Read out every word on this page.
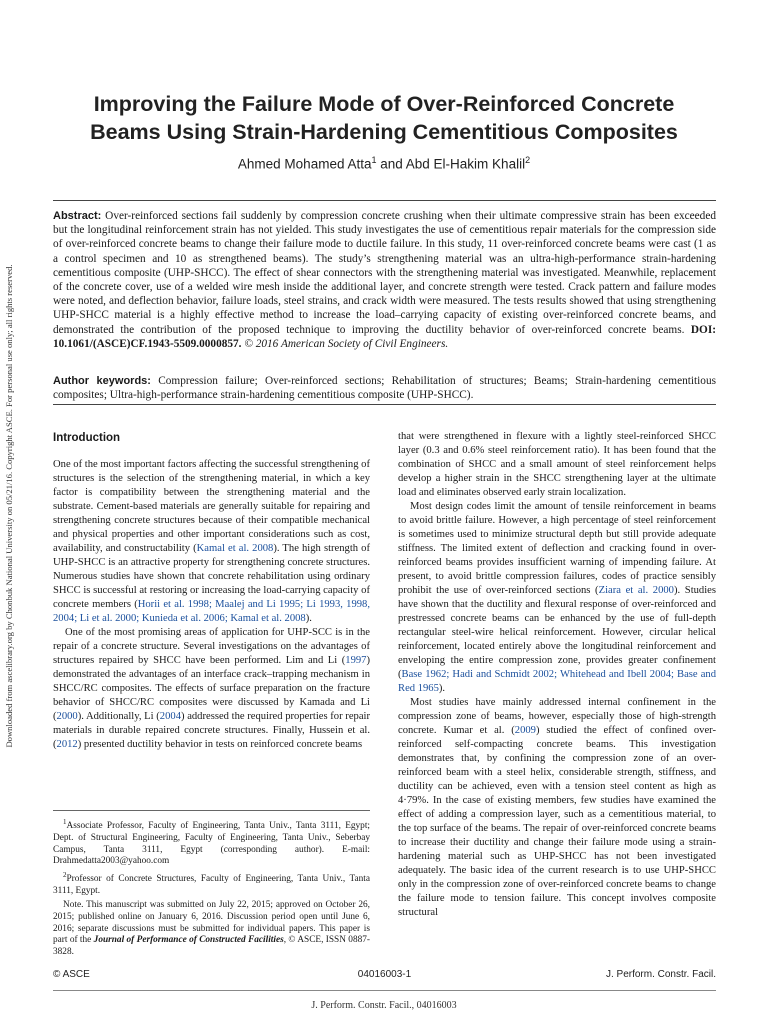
Downloaded from ascelibrary.org by Chonbuk National University on 05/21/16. Copyright ASCE. For personal use only; all rights reserved.
Improving the Failure Mode of Over-Reinforced Concrete
Beams Using Strain-Hardening Cementitious Composites
Ahmed Mohamed Atta$^1$ and Abd El-Hakim Khalil$^2$
Abstract: Over-reinforced sections fail suddenly by compression concrete crushing when their ultimate compressive strain has been exceeded but the longitudinal reinforcement strain has not yielded. This study investigates the use of cementitious repair materials for the compression side of over-reinforced concrete beams to change their failure mode to ductile failure. In this study, 11 over-reinforced concrete beams were cast (1 as a control specimen and 10 as strengthened beams). The study’s strengthening material was an ultra-high-performance strain-hardening cementitious composite (UHP-SHCC). The effect of shear connectors with the strengthening material was investigated. Meanwhile, replacement of the concrete cover, use of a welded wire mesh inside the additional layer, and concrete strength were tested. Crack pattern and failure modes were noted, and deflection behavior, failure loads, steel strains, and crack width were measured. The tests results showed that using strengthening UHP-SHCC material is a highly effective method to increase the load–carrying capacity of existing over-reinforced concrete beams, and demonstrated the contribution of the proposed technique to improving the ductility behavior of over-reinforced concrete beams. DOI: 10.1061/(ASCE)CF.1943-5509.0000857. © 2016 American Society of Civil Engineers.
Author keywords: Compression failure; Over-reinforced sections; Rehabilitation of structures; Beams; Strain-hardening cementitious composites; Ultra-high-performance strain-hardening cementitious composite (UHP-SHCC).
Introduction

One of the most important factors affecting the successful strengthening of structures is the selection of the strengthening material, in which a key factor is compatibility between the strengthening material and the substrate. Cement-based materials are generally suitable for repairing and strengthening concrete structures because of their compatible mechanical and physical properties and other important considerations such as cost, availability, and constructability (Kamal et al. 2008). The high strength of UHP-SHCC is an attractive property for strengthening concrete structures. Numerous studies have shown that concrete rehabilitation using ordinary SHCC is successful at restoring or increasing the load-carrying capacity of concrete members (Horii et al. 1998; Maalej and Li 1995; Li 1993, 1998, 2004; Li et al. 2000; Kunieda et al. 2006; Kamal et al. 2008).

One of the most promising areas of application for UHP-SCC is in the repair of a concrete structure. Several investigations on the advantages of structures repaired by SHCC have been performed. Lim and Li (1997) demonstrated the advantages of an interface crack–trapping mechanism in SHCC/RC composites. The effects of surface preparation on the fracture behavior of SHCC/RC composites were discussed by Kamada and Li (2000). Additionally, Li (2004) addressed the required properties for repair materials in durable repaired concrete structures. Finally, Hussein et al. (2012) presented ductility behavior in tests on reinforced concrete beams

$^1$Associate Professor, Faculty of Engineering, Tanta Univ., Tanta 3111, Egypt; Dept. of Structural Engineering, Faculty of Engineering, Tanta Univ., Seberbay Campus, Tanta 3111, Egypt (corresponding author). E-mail: Drahmedatta2003@yahoo.com

$^2$Professor of Concrete Structures, Faculty of Engineering, Tanta Univ., Tanta 3111, Egypt.

Note. This manuscript was submitted on July 22, 2015; approved on October 26, 2015; published online on January 6, 2016. Discussion period open until June 6, 2016; separate discussions must be submitted for individual papers. This paper is part of the Journal of Performance of Constructed Facilities, © ASCE, ISSN 0887-3828.

that were strengthened in flexure with a lightly steel-reinforced SHCC layer (0.3 and 0.6% steel reinforcement ratio). It has been found that the combination of SHCC and a small amount of steel reinforcement helps develop a higher strain in the SHCC strengthening layer at the ultimate load and eliminates observed early strain localization.

Most design codes limit the amount of tensile reinforcement in beams to avoid brittle failure. However, a high percentage of steel reinforcement is sometimes used to minimize structural depth but still provide adequate stiffness. The limited extent of deflection and cracking found in over-reinforced beams provides insufficient warning of impending failure. At present, to avoid brittle compression failures, codes of practice sensibly prohibit the use of over-reinforced sections (Ziara et al. 2000). Studies have shown that the ductility and flexural response of over-reinforced and prestressed concrete beams can be enhanced by the use of full-depth rectangular steel-wire helical reinforcement. However, circular helical reinforcement, located entirely above the longitudinal reinforcement and enveloping the entire compression zone, provides greater confinement (Base 1962; Hadi and Schmidt 2002; Whitehead and Ibell 2004; Base and Red 1965).

Most studies have mainly addressed internal confinement in the compression zone of beams, however, especially those of high-strength concrete. Kumar et al. (2009) studied the effect of confined over-reinforced self-compacting concrete beams. This investigation demonstrates that, by confining the compression zone of an over-reinforced beam with a steel helix, considerable strength, stiffness, and ductility can be achieved, even with a tension steel content as high as 4·79%. In the case of existing members, few studies have examined the effect of adding a compression layer, such as a cementitious material, to the top surface of the beams. The repair of over-reinforced concrete beams to increase their ductility and change their failure mode using a strain-hardening material such as UHP-SHCC has not been investigated adequately. The basic idea of the current research is to use UHP-SHCC only in the compression zone of over-reinforced concrete beams to change the failure mode to tension failure. This concept involves composite structural

© ASCE	04016003-1	J. Perform. Constr. Facil.
J. Perform. Constr. Facil., 04016003
